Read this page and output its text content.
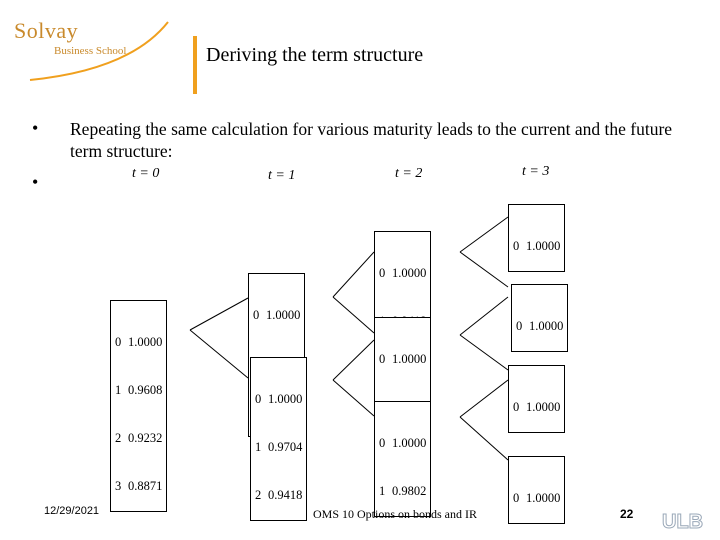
Solvay
Business School	Deriving the term structure
• Repeating the same calculation for various maturity leads to the current and the future term structure:
•	t = 0	t = 1	t = 2	t = 3

0 1.0000

1 0.9608

2 0.9232

3 0.8871

0 1.0000

0 1.0000

1 0.9704

2 0.9418

0 1.0000

0 1.0000

0 1.0000

1 0.9802

0 1.0000

0 1.0000

0 1.0000

0 1.0000

12/29/2021	OMS 10 Options on bonds and IR	22 ULB
